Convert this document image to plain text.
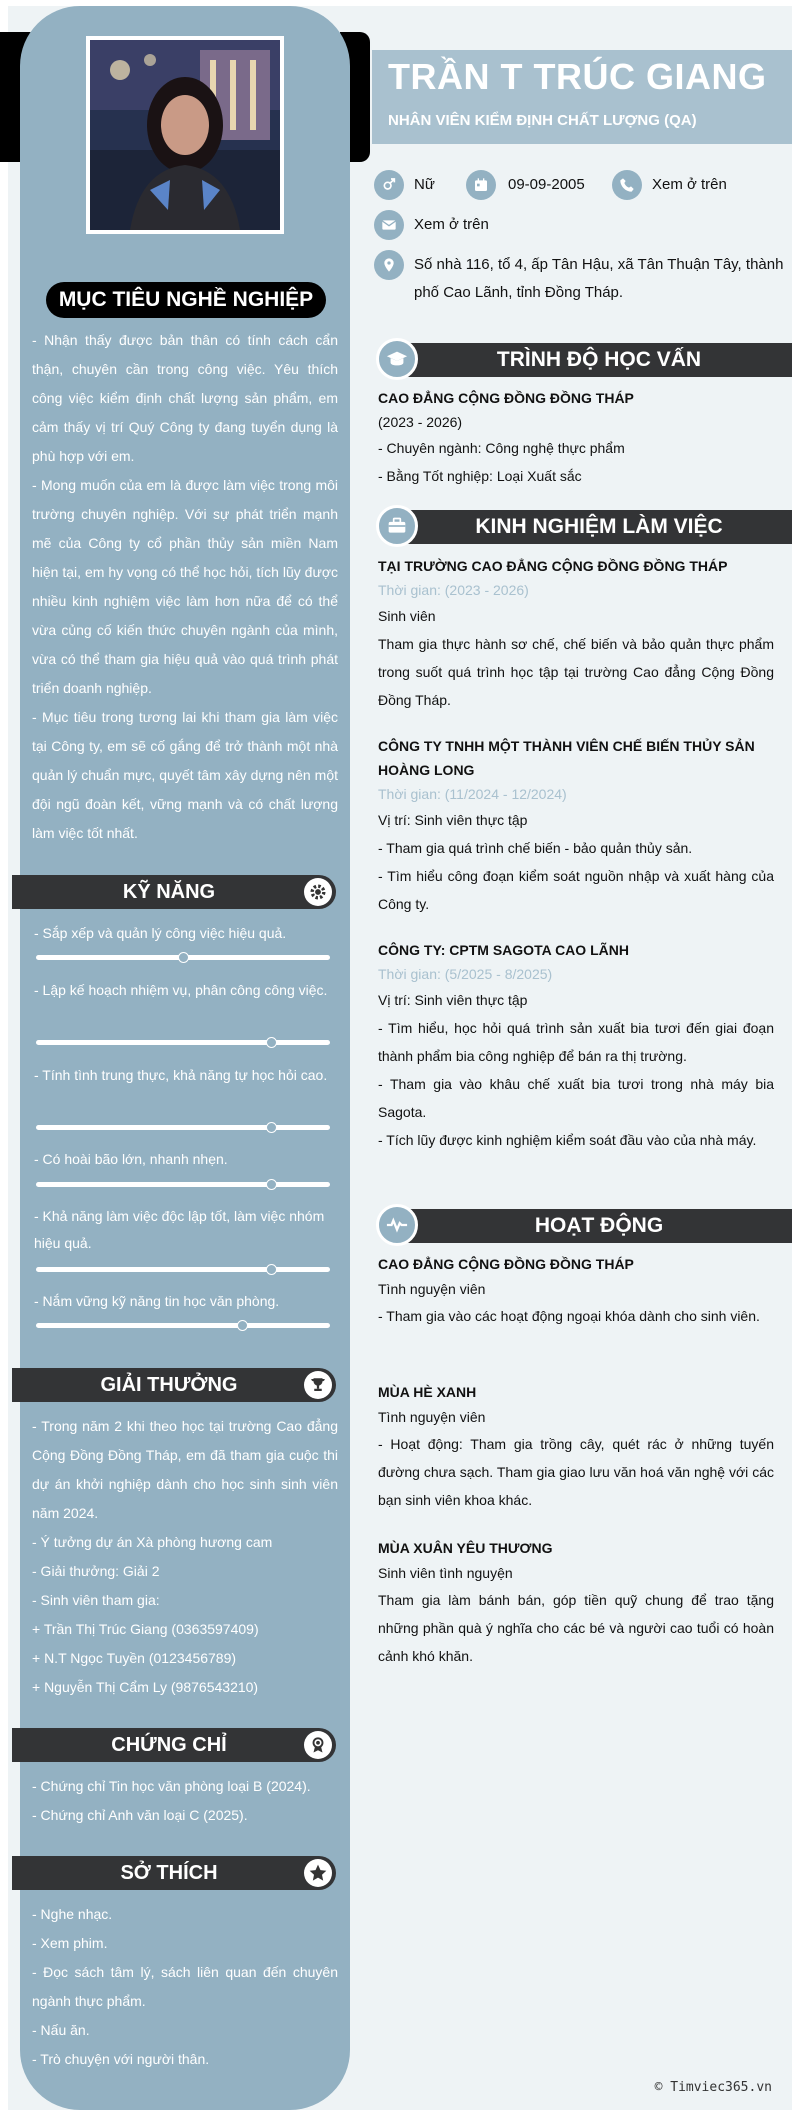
MỤC TIÊU NGHỀ NGHIỆP

- Nhận thấy được bản thân có tính cách cẩn thận, chuyên cần trong công việc. Yêu thích công việc kiểm định chất lượng sản phẩm, em cảm thấy vị trí Quý Công ty đang tuyển dụng là phù hợp với em.

- Mong muốn của em là được làm việc trong môi trường chuyên nghiệp. Với sự phát triển mạnh mẽ của Công ty cổ phần thủy sản miền Nam hiện tại, em hy vọng có thể học hỏi, tích lũy được nhiều kinh nghiệm việc làm hơn nữa để có thể vừa củng cố kiến thức chuyên ngành của mình, vừa có thể tham gia hiệu quả vào quá trình phát triển doanh nghiệp.

- Mục tiêu trong tương lai khi tham gia làm việc tại Công ty, em sẽ cố gắng để trở thành một nhà quản lý chuẩn mực, quyết tâm xây dựng nên một đội ngũ đoàn kết, vững mạnh và có chất lượng làm việc tốt nhất.

KỸ NĂNG
- Sắp xếp và quản lý công việc hiệu quả.
- Lập kế hoạch nhiệm vụ, phân công công việc.
- Tính tình trung thực, khả năng tự học hỏi cao.
- Có hoài bão lớn, nhanh nhẹn.
- Khả năng làm việc độc lập tốt, làm việc nhóm hiệu quả.
- Nắm vững kỹ năng tin học văn phòng.
GIẢI THƯỞNG

- Trong năm 2 khi theo học tại trường Cao đẳng Cộng Đồng Đồng Tháp, em đã tham gia cuộc thi dự án khởi nghiệp dành cho học sinh sinh viên năm 2024.

- Ý tưởng dự án Xà phòng hương cam

- Giải thưởng: Giải 2

- Sinh viên tham gia:

+ Trần Thị Trúc Giang (0363597409)

+ N.T Ngọc Tuyền (0123456789)

+ Nguyễn Thị Cẩm Ly (9876543210)

CHỨNG CHỈ

- Chứng chỉ Tin học văn phòng loại B (2024).

- Chứng chỉ Anh văn loại C (2025).

SỞ THÍCH

- Nghe nhạc.

- Xem phim.

- Đọc sách tâm lý, sách liên quan đến chuyên ngành thực phẩm.

- Nấu ăn.

- Trò chuyện với người thân.

TRẦN T TRÚC GIANG
NHÂN VIÊN KIỂM ĐỊNH CHẤT LƯỢNG (QA)
Nữ	09-09-2005	Xem ở trên
Xem ở trên
Số nhà 116, tổ 4, ấp Tân Hậu, xã Tân Thuận Tây, thành
phố Cao Lãnh, tỉnh Đồng Tháp.
TRÌNH ĐỘ HỌC VẤN

CAO ĐẲNG CỘNG ĐỒNG ĐỒNG THÁP

(2023 - 2026)

- Chuyên ngành: Công nghệ thực phẩm

- Bằng Tốt nghiệp: Loại Xuất sắc

KINH NGHIỆM LÀM VIỆC

TẠI TRƯỜNG CAO ĐẲNG CỘNG ĐỒNG ĐỒNG THÁP

Thời gian: (2023 - 2026)

Sinh viên

Tham gia thực hành sơ chế, chế biến và bảo quản thực phẩm trong suốt quá trình học tập tại trường Cao đẳng Cộng Đồng Đồng Tháp.

CÔNG TY TNHH MỘT THÀNH VIÊN CHẾ BIẾN THỦY SẢN HOÀNG LONG

Thời gian: (11/2024 - 12/2024)

Vị trí: Sinh viên thực tập

- Tham gia quá trình chế biến - bảo quản thủy sản.

- Tìm hiểu công đoạn kiểm soát nguồn nhập và xuất hàng của Công ty.

CÔNG TY: CPTM SAGOTA CAO LÃNH

Thời gian: (5/2025 - 8/2025)

Vị trí: Sinh viên thực tập

- Tìm hiểu, học hỏi quá trình sản xuất bia tươi đến giai đoạn thành phẩm bia công nghiệp để bán ra thị trường.

- Tham gia vào khâu chế xuất bia tươi trong nhà máy bia Sagota.

- Tích lũy được kinh nghiệm kiểm soát đầu vào của nhà máy.

HOẠT ĐỘNG

CAO ĐẲNG CỘNG ĐỒNG ĐỒNG THÁP

Tình nguyện viên

- Tham gia vào các hoạt động ngoại khóa dành cho sinh viên.

MÙA HÈ XANH

Tình nguyện viên

- Hoạt động: Tham gia trồng cây, quét rác ở những tuyến đường chưa sạch. Tham gia giao lưu văn hoá văn nghệ với các bạn sinh viên khoa khác.

MÙA XUÂN YÊU THƯƠNG

Sinh viên tình nguyện

Tham gia làm bánh bán, góp tiền quỹ chung để trao tặng những phần quà ý nghĩa cho các bé và người cao tuổi có hoàn cảnh khó khăn.

© Timviec365.vn
